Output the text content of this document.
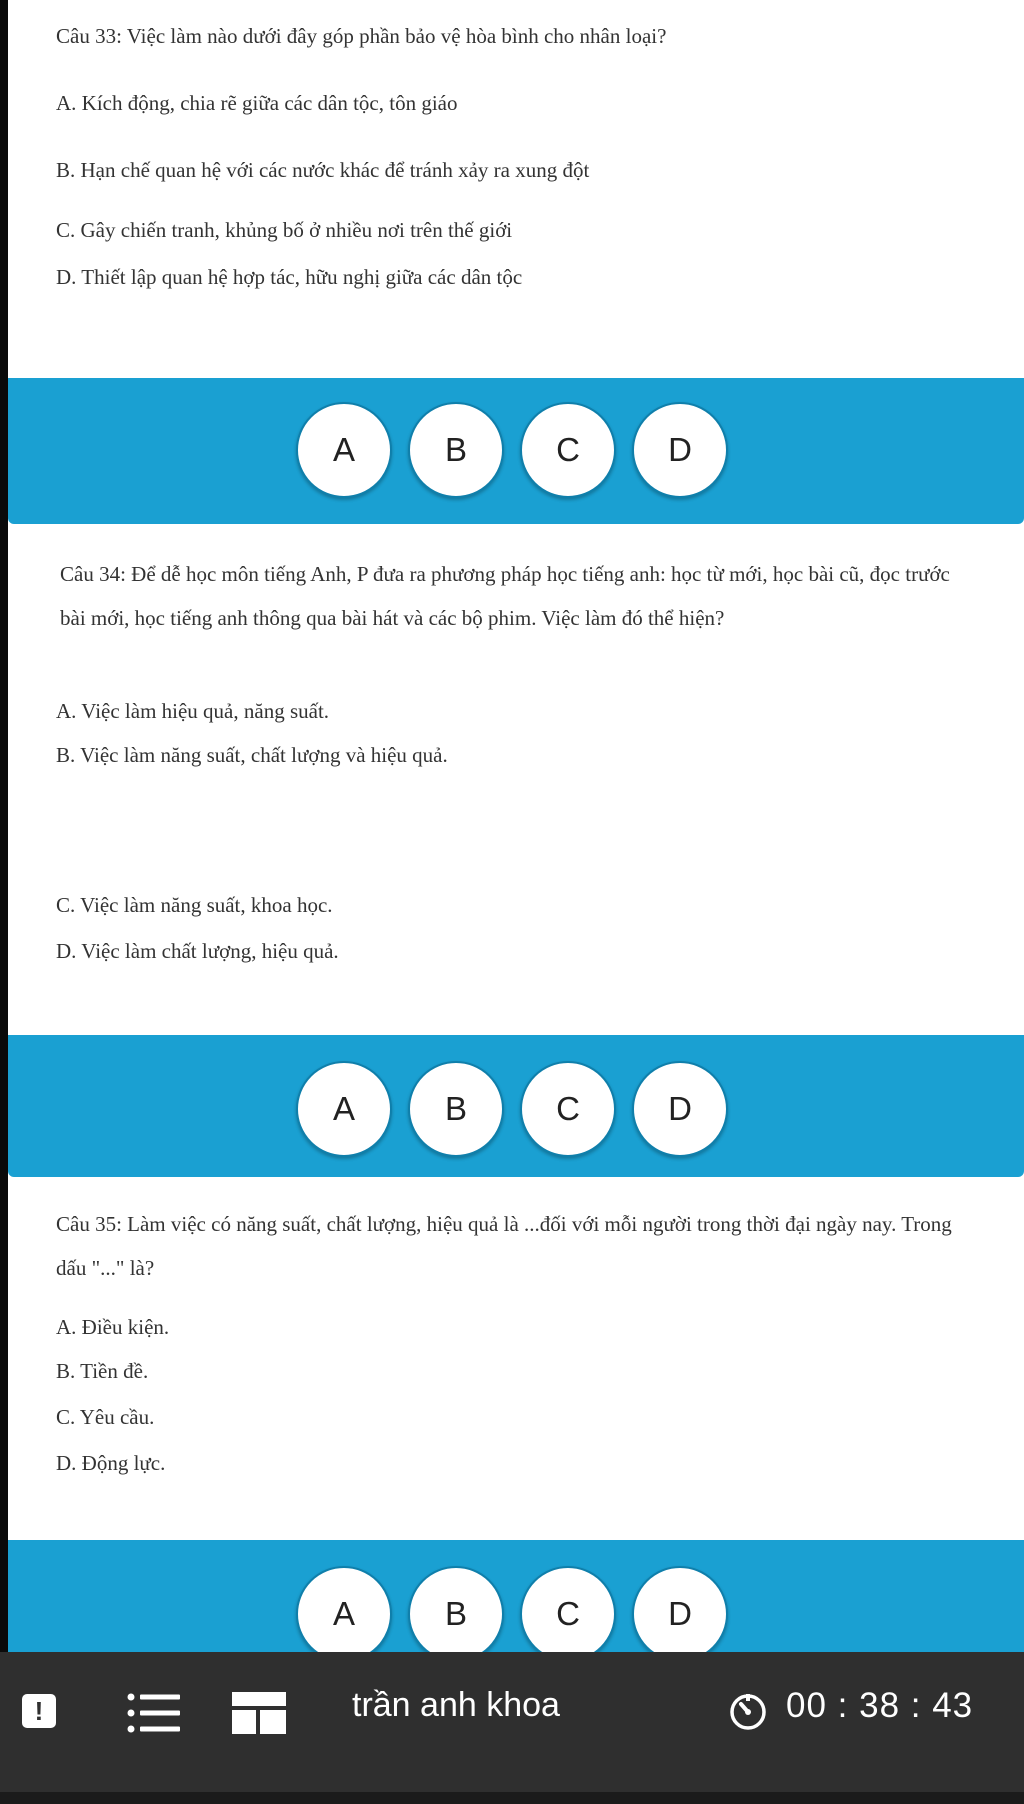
Câu 33: Việc làm nào dưới đây góp phần bảo vệ hòa bình cho nhân loại?
A. Kích động, chia rẽ giữa các dân tộc, tôn giáo
B. Hạn chế quan hệ với các nước khác để tránh xảy ra xung đột
C. Gây chiến tranh, khủng bố ở nhiều nơi trên thế giới
D. Thiết lập quan hệ hợp tác, hữu nghị giữa các dân tộc
A	B	C	D
Câu 34: Để dễ học môn tiếng Anh, P đưa ra phương pháp học tiếng anh: học từ mới, học bài cũ, đọc trước bài mới, học tiếng anh thông qua bài hát và các bộ phim. Việc làm đó thể hiện?
A. Việc làm hiệu quả, năng suất.
B. Việc làm năng suất, chất lượng và hiệu quả.
C. Việc làm năng suất, khoa học.
D. Việc làm chất lượng, hiệu quả.
A	B	C	D
Câu 35: Làm việc có năng suất, chất lượng, hiệu quả là ...đối với mỗi người trong thời đại ngày nay. Trong dấu "..." là?
A. Điều kiện.
B. Tiền đề.
C. Yêu cầu.
D. Động lực.
A	B	C	D
!	trần anh khoa	00 : 38 : 43
